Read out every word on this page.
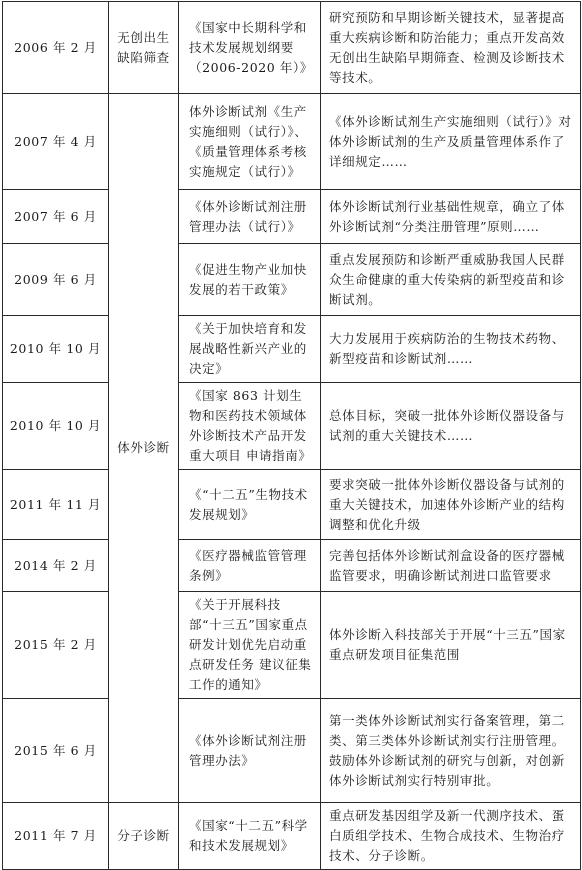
2006 年 2 月	无创出生缺陷筛查	《国家中长期科学和技术发展规划纲要（2006-2020 年）》	研究预防和早期诊断关键技术，显著提高重大疾病诊断和防治能力；重点开发高效无创出生缺陷早期筛查、检测及诊断技术等技术。
2007 年 4 月	体外诊断	体外诊断试剂《生产实施细则（试行）》、《质量管理体系考核实施规定（试行）》	《体外诊断试剂生产实施细则（试行）》对体外诊断试剂的生产及质量管理体系作了详细规定……
2007 年 6 月		《体外诊断试剂注册管理办法（试行）》	体外诊断试剂行业基础性规章，确立了体外诊断试剂“分类注册管理”原则……
2009 年 6 月		《促进生物产业加快发展的若干政策》	重点发展预防和诊断严重威胁我国人民群众生命健康的重大传染病的新型疫苗和诊断试剂。
2010 年 10 月		《关于加快培育和发展战略性新兴产业的决定》	大力发展用于疾病防治的生物技术药物、新型疫苗和诊断试剂……
2010 年 10 月		《国家 863 计划生物和医药技术领域体外诊断技术产品开发重大项目 申请指南》	总体目标，突破一批体外诊断仪器设备与试剂的重大关键技术……
2011 年 11 月		《“十二五”生物技术发展规划》	要求突破一批体外诊断仪器设备与试剂的重大关键技术，加速体外诊断产业的结构调整和优化升级
2014 年 2 月		《医疗器械监管管理条例》	完善包括体外诊断试剂盒设备的医疗器械监管要求，明确诊断试剂进口监管要求
2015 年 2 月		《关于开展科技部“十三五”国家重点研发计划优先启动重点研发任务 建议征集工作的通知》	体外诊断入科技部关于开展“十三五”国家重点研发项目征集范围
2015 年 6 月		《体外诊断试剂注册管理办法》	第一类体外诊断试剂实行备案管理，第二类、第三类体外诊断试剂实行注册管理。鼓励体外诊断试剂的研究与创新，对创新体外诊断试剂实行特别审批。
2011 年 7 月	分子诊断	《国家“十二五”科学和技术发展规划》	重点研发基因组学及新一代测序技术、蛋白质组学技术、生物合成技术、生物治疗技术、分子诊断。
